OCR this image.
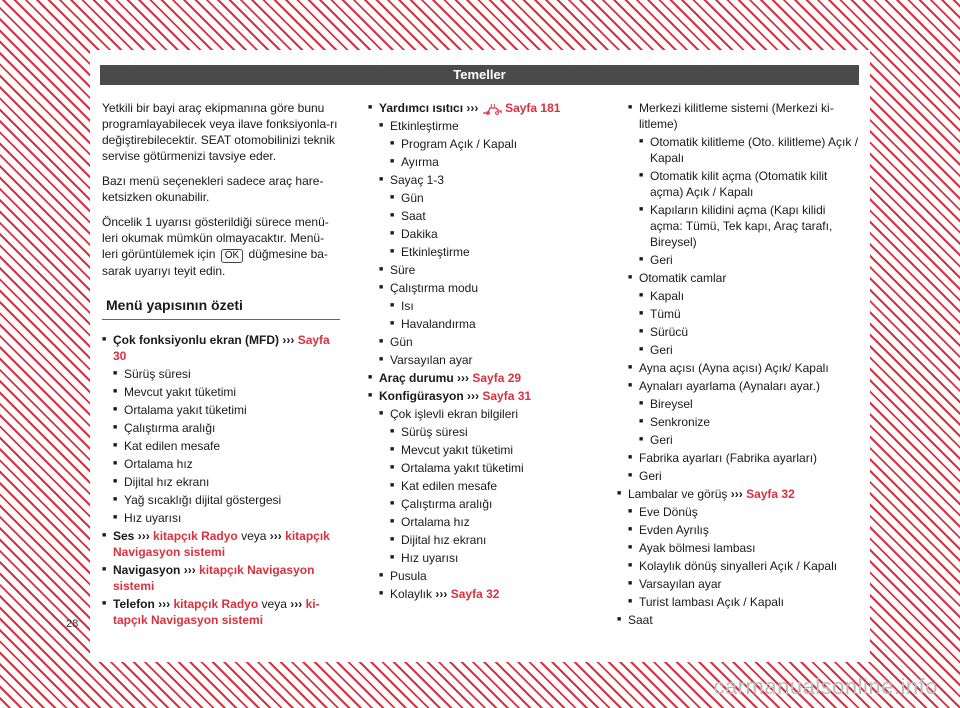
Temeller

Yetkili bir bayi araç ekipmanına göre bunu programlayabilecek veya ilave fonksiyonla-rı değiştirebilecektir. SEAT otomobilinizi teknik servise götürmenizi tavsiye eder.

Bazı menü seçenekleri sadece araç hare-ketsizken okunabilir.

Öncelik 1 uyarısı gösterildiği sürece menü-leri okumak mümkün olmayacaktır. Menü-leri görüntülemek için OK düğmesine ba-sarak uyarıyı teyit edin.

Menü yapısının özeti
■ Çok fonksiyonlu ekran (MFD) ››› Sayfa 30
■ Sürüş süresi
■ Mevcut yakıt tüketimi
■ Ortalama yakıt tüketimi
■ Çalıştırma aralığı
■ Kat edilen mesafe
■ Ortalama hız
■ Dijital hız ekranı
■ Yağ sıcaklığı dijital göstergesi
■ Hız uyarısı
■ Ses ››› kitapçık Radyo veya ››› kitapçık Navigasyon sistemi
■ Navigasyon ››› kitapçık Navigasyon sistemi
■ Telefon ››› kitapçık Radyo veya ››› ki-tapçık Navigasyon sistemi
■ Yardımcı ısıtıcı ››› Sayfa 181
■ Etkinleştirme
■ Program Açık / Kapalı
■ Ayırma
■ Sayaç 1-3
■ Gün
■ Saat
■ Dakika
■ Etkinleştirme
■ Süre
■ Çalıştırma modu
■ Isı
■ Havalandırma
■ Gün
■ Varsayılan ayar
■ Araç durumu ››› Sayfa 29
■ Konfigürasyon ››› Sayfa 31
■ Çok işlevli ekran bilgileri
■ Sürüş süresi
■ Mevcut yakıt tüketimi
■ Ortalama yakıt tüketimi
■ Kat edilen mesafe
■ Çalıştırma aralığı
■ Ortalama hız
■ Dijital hız ekranı
■ Hız uyarısı
■ Pusula
■ Kolaylık ››› Sayfa 32
■ Merkezi kilitleme sistemi (Merkezi ki-litleme)
■ Otomatik kilitleme (Oto. kilitleme) Açık / Kapalı
■ Otomatik kilit açma (Otomatik kilit açma) Açık / Kapalı
■ Kapıların kilidini açma (Kapı kilidi açma: Tümü, Tek kapı, Araç tarafı, Bireysel)
■ Geri
■ Otomatik camlar
■ Kapalı
■ Tümü
■ Sürücü
■ Geri
■ Ayna açısı (Ayna açısı) Açık/ Kapalı
■ Aynaları ayarlama (Aynaları ayar.)
■ Bireysel
■ Senkronize
■ Geri
■ Fabrika ayarları (Fabrika ayarları)
■ Geri
■ Lambalar ve görüş ››› Sayfa 32
■ Eve Dönüş
■ Evden Ayrılış
■ Ayak bölmesi lambası
■ Kolaylık dönüş sinyalleri Açık / Kapalı
■ Varsayılan ayar
■ Turist lambası Açık / Kapalı
■ Saat
28
carmanualsonline.info
